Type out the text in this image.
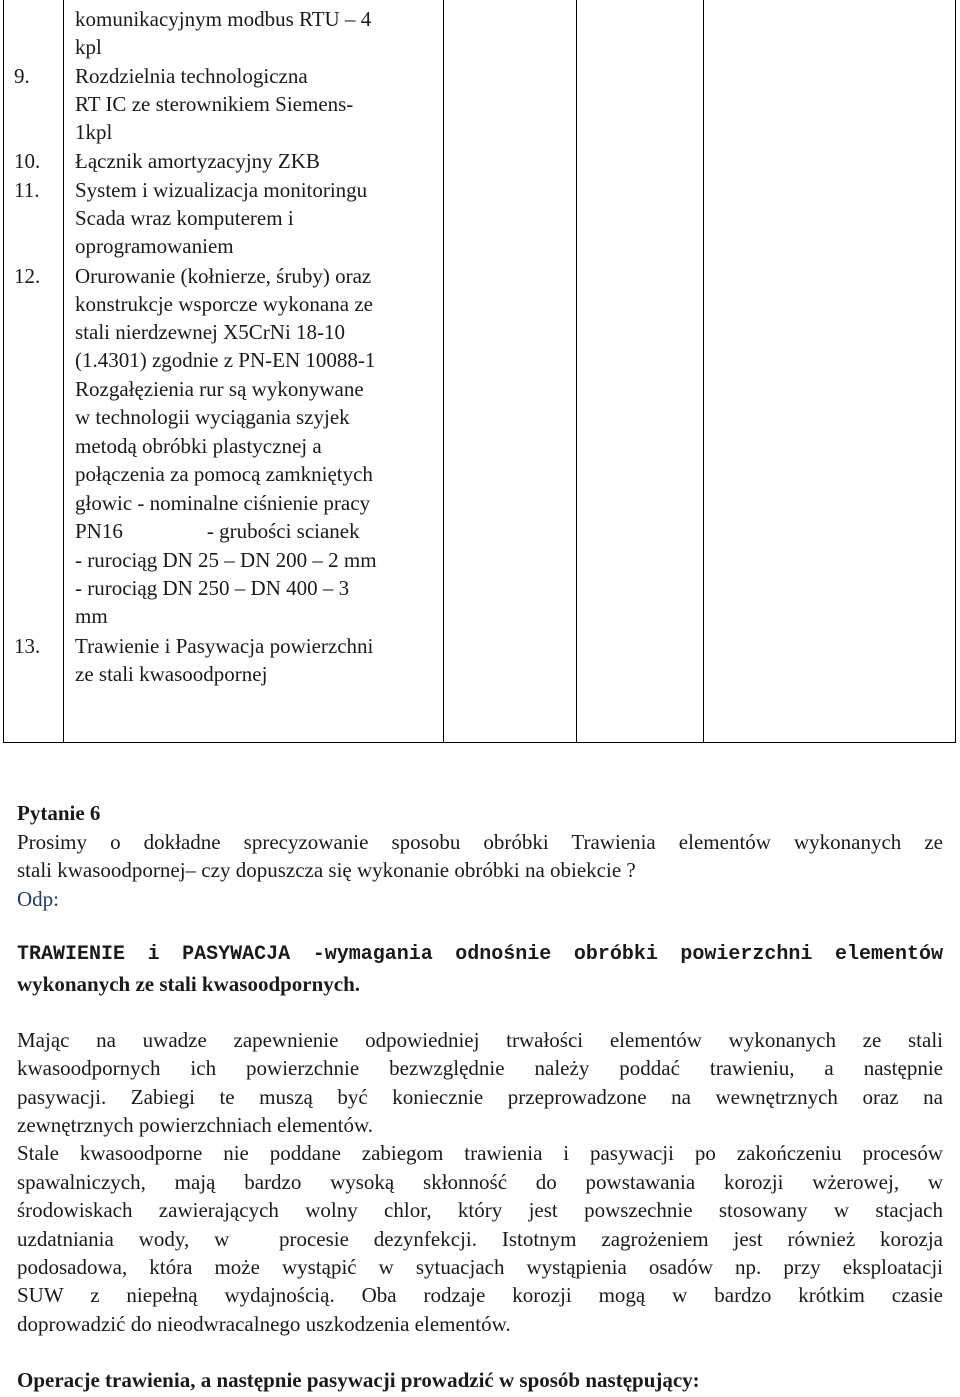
komunikacyjnym modbus RTU – 4
kpl
9. Rozdzielnia technologiczna
RT IC ze sterownikiem Siemens-
1kpl
10. Łącznik amortyzacyjny ZKB
11. System i wizualizacja monitoringu
Scada wraz komputerem i
oprogramowaniem
12. Orurowanie (kołnierze, śruby) oraz
konstrukcje wsporcze wykonana ze
stali nierdzewnej X5CrNi 18-10
(1.4301) zgodnie z PN-EN 10088-1
Rozgałęzienia rur są wykonywane
w technologii wyciągania szyjek
metodą obróbki plastycznej a
połączenia za pomocą zamkniętych
głowic - nominalne ciśnienie pracy
PN16                - grubości scianek
- rurociąg DN 25 – DN 200 – 2 mm
- rurociąg DN 250 – DN 400 – 3
mm
13. Trawienie i Pasywacja powierzchni
ze stali kwasoodpornej
Pytanie 6
Prosimy o dokładne sprecyzowanie sposobu obróbki Trawienia elementów wykonanych ze
stali kwasoodpornej– czy dopuszcza się wykonanie obróbki na obiekcie ?
Odp:
TRAWIENIE i PASYWACJA -wymagania odnośnie obróbki powierzchni elementów
wykonanych ze stali kwasoodpornych.
Mając na uwadze zapewnienie odpowiedniej trwałości elementów wykonanych ze stali
kwasoodpornych ich powierzchnie bezwzględnie należy poddać trawieniu, a następnie
pasywacji. Zabiegi te muszą być koniecznie przeprowadzone na wewnętrznych oraz na
zewnętrznych powierzchniach elementów.
Stale kwasoodporne nie poddane zabiegom trawienia i pasywacji po zakończeniu procesów
spawalniczych, mają bardzo wysoką skłonność do powstawania korozji wżerowej, w
środowiskach zawierających wolny chlor, który jest powszechnie stosowany w stacjach
uzdatniania wody, w  procesie dezynfekcji. Istotnym zagrożeniem jest również korozja
podosadowa, która może wystąpić w sytuacjach wystąpienia osadów np. przy eksploatacji
SUW z niepełną wydajnością. Oba rodzaje korozji mogą w bardzo krótkim czasie
doprowadzić do nieodwracalnego uszkodzenia elementów.
Operacje trawienia, a następnie pasywacji prowadzić w sposób następujący:
